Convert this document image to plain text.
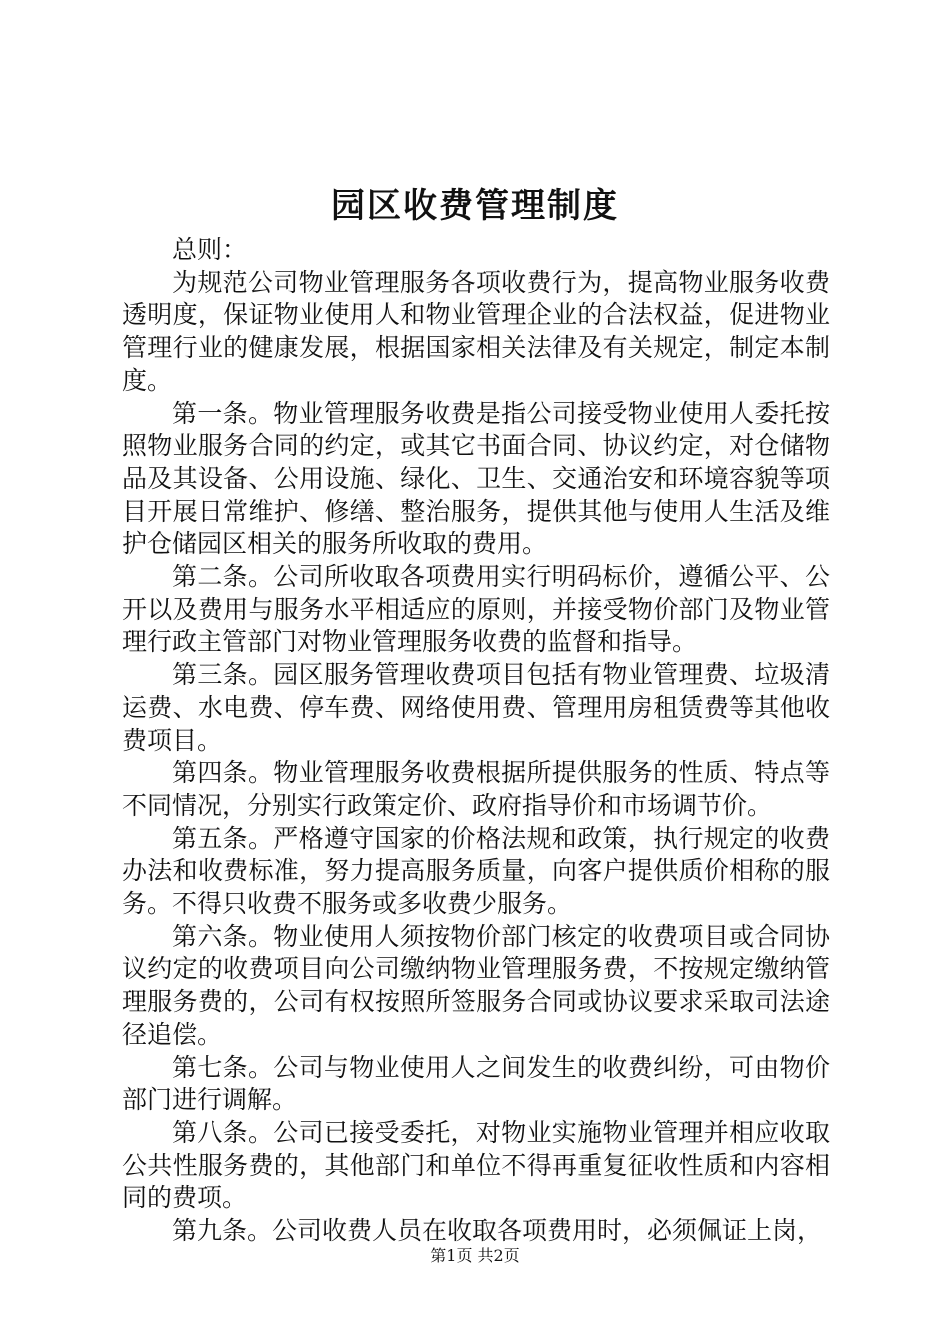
园区收费管理制度

总则：

为规范公司物业管理服务各项收费行为，提高物业服务收费透明度，保证物业使用人和物业管理企业的合法权益，促进物业管理行业的健康发展，根据国家相关法律及有关规定，制定本制度。

第一条。物业管理服务收费是指公司接受物业使用人委托按照物业服务合同的约定，或其它书面合同、协议约定，对仓储物品及其设备、公用设施、绿化、卫生、交通治安和环境容貌等项目开展日常维护、修缮、整治服务，提供其他与使用人生活及维护仓储园区相关的服务所收取的费用。

第二条。公司所收取各项费用实行明码标价，遵循公平、公开以及费用与服务水平相适应的原则，并接受物价部门及物业管理行政主管部门对物业管理服务收费的监督和指导。

第三条。园区服务管理收费项目包括有物业管理费、垃圾清运费、水电费、停车费、网络使用费、管理用房租赁费等其他收费项目。

第四条。物业管理服务收费根据所提供服务的性质、特点等不同情况，分别实行政策定价、政府指导价和市场调节价。

第五条。严格遵守国家的价格法规和政策，执行规定的收费办法和收费标准，努力提高服务质量，向客户提供质价相称的服务。不得只收费不服务或多收费少服务。

第六条。物业使用人须按物价部门核定的收费项目或合同协议约定的收费项目向公司缴纳物业管理服务费，不按规定缴纳管理服务费的，公司有权按照所签服务合同或协议要求采取司法途径追偿。

第七条。公司与物业使用人之间发生的收费纠纷，可由物价部门进行调解。

第八条。公司已接受委托，对物业实施物业管理并相应收取公共性服务费的，其他部门和单位不得再重复征收性质和内容相同的费项。

第九条。公司收费人员在收取各项费用时，必须佩证上岗，

第1页 共2页
